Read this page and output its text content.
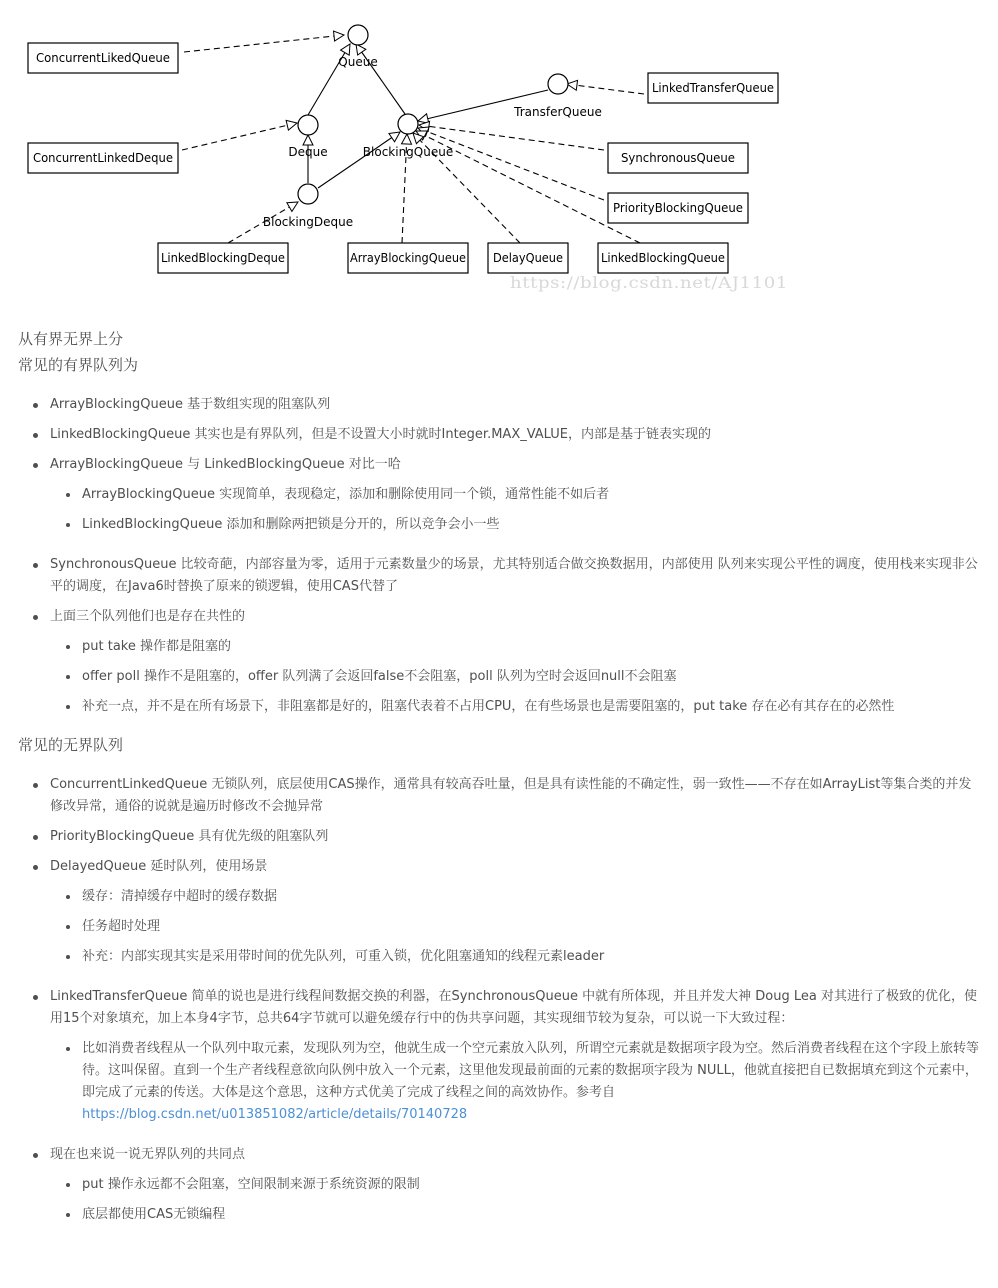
Queue
Deque	BlockingQueue
TransferQueue
BlockingDeque
ConcurrentLikedQueue
ConcurrentLinkedDeque
LinkedTransferQueue
SynchronousQueue
PriorityBlockingQueue
LinkedBlockingDeque	ArrayBlockingQueue DelayQueue	LinkedBlockingQueue
https://blog.csdn.net/AJ1101

从有界无界上分

常见的有界队列为

ArrayBlockingQueue 基于数组实现的阻塞队列
LinkedBlockingQueue 其实也是有界队列，但是不设置大小时就时Integer.MAX_VALUE，内部是基于链表实现的
ArrayBlockingQueue 与 LinkedBlockingQueue 对比一哈
ArrayBlockingQueue 实现简单，表现稳定，添加和删除使用同一个锁，通常性能不如后者
LinkedBlockingQueue 添加和删除两把锁是分开的，所以竞争会小一些
SynchronousQueue 比较奇葩，内部容量为零，适用于元素数量少的场景，尤其特别适合做交换数据用，内部使用 队列来实现公平性的调度，使用栈来实现非公平的调度，在Java6时替换了原来的锁逻辑，使用CAS代替了
上面三个队列他们也是存在共性的
put take 操作都是阻塞的
offer poll 操作不是阻塞的，offer 队列满了会返回false不会阻塞，poll 队列为空时会返回null不会阻塞
补充一点，并不是在所有场景下，非阻塞都是好的，阻塞代表着不占用CPU，在有些场景也是需要阻塞的，put take 存在必有其存在的必然性

常见的无界队列

ConcurrentLinkedQueue 无锁队列，底层使用CAS操作，通常具有较高吞吐量，但是具有读性能的不确定性，弱一致性——不存在如ArrayList等集合类的并发修改异常，通俗的说就是遍历时修改不会抛异常
PriorityBlockingQueue 具有优先级的阻塞队列
DelayedQueue 延时队列，使用场景
缓存：清掉缓存中超时的缓存数据
任务超时处理
补充：内部实现其实是采用带时间的优先队列，可重入锁，优化阻塞通知的线程元素leader
LinkedTransferQueue 简单的说也是进行线程间数据交换的利器，在SynchronousQueue 中就有所体现，并且并发大神 Doug Lea 对其进行了极致的优化，使用15个对象填充，加上本身4字节，总共64字节就可以避免缓存行中的伪共享问题，其实现细节较为复杂，可以说一下大致过程：
比如消费者线程从一个队列中取元素，发现队列为空，他就生成一个空元素放入队列，所谓空元素就是数据项字段为空。然后消费者线程在这个字段上旅转等待。这叫保留。直到一个生产者线程意欲向队例中放入一个元素，这里他发现最前面的元素的数据项字段为 NULL，他就直接把自已数据填充到这个元素中，即完成了元素的传送。大体是这个意思，这种方式优美了完成了线程之间的高效协作。参考自
https://blog.csdn.net/u013851082/article/details/70140728
现在也来说一说无界队列的共同点
put 操作永远都不会阻塞，空间限制来源于系统资源的限制
底层都使用CAS无锁编程
